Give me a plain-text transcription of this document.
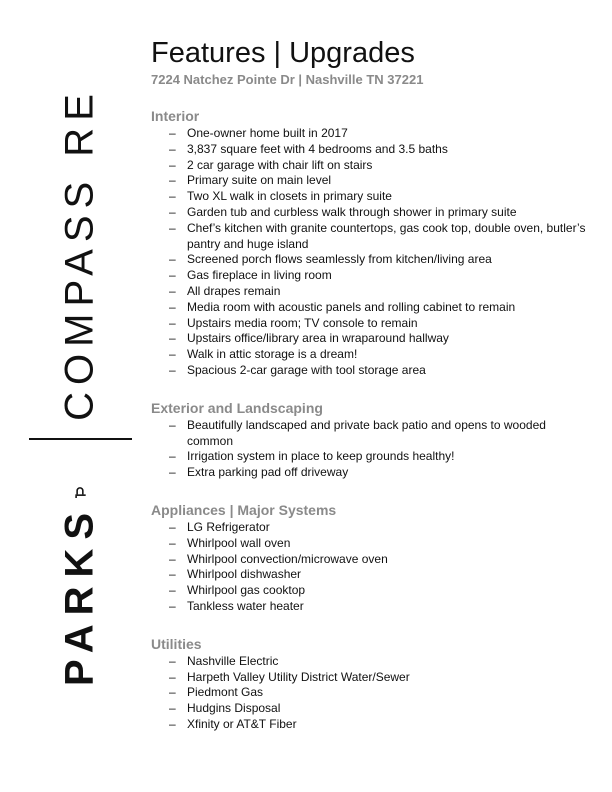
COMPASS RE
PARKS
Features | Upgrades
7224 Natchez Pointe Dr | Nashville TN 37221
Interior
– One-owner home built in 2017
– 3,837 square feet with 4 bedrooms and 3.5 baths
– 2 car garage with chair lift on stairs
– Primary suite on main level
– Two XL walk in closets in primary suite
– Garden tub and curbless walk through shower in primary suite
– Chef’s kitchen with granite countertops, gas cook top, double oven, butler’s pantry and huge island
– Screened porch flows seamlessly from kitchen/living area
– Gas fireplace in living room
– All drapes remain
– Media room with acoustic panels and rolling cabinet to remain
– Upstairs media room; TV console to remain
– Upstairs office/library area in wraparound hallway
– Walk in attic storage is a dream!
– Spacious 2-car garage with tool storage area
Exterior and Landscaping
– Beautifully landscaped and private back patio and opens to wooded common
– Irrigation system in place to keep grounds healthy!
– Extra parking pad off driveway
Appliances | Major Systems
– LG Refrigerator
– Whirlpool wall oven
– Whirlpool convection/microwave oven
– Whirlpool dishwasher
– Whirlpool gas cooktop
– Tankless water heater
Utilities
– Nashville Electric
– Harpeth Valley Utility District Water/Sewer
– Piedmont Gas
– Hudgins Disposal
– Xfinity or AT&T Fiber
